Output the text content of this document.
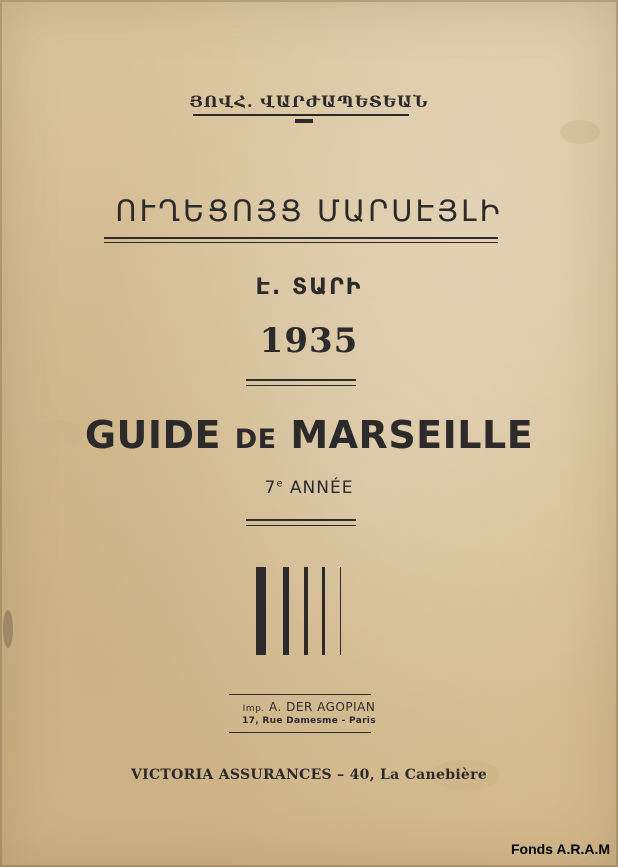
ՅՈՎՀ. ՎԱՐԺԱՊԵՏԵԱՆ
ՈՒՂԵՑՈՅՑ ՄԱՐՍԷՅԼԻ
Է. ՏԱՐԻ
1935
GUIDE DE MARSEILLE
7e ANNÉE
Imp. A. DER AGOPIAN
17, Rue Damesme - Paris
VICTORIA ASSURANCES – 40, La Canebière
Fonds A.R.A.M
